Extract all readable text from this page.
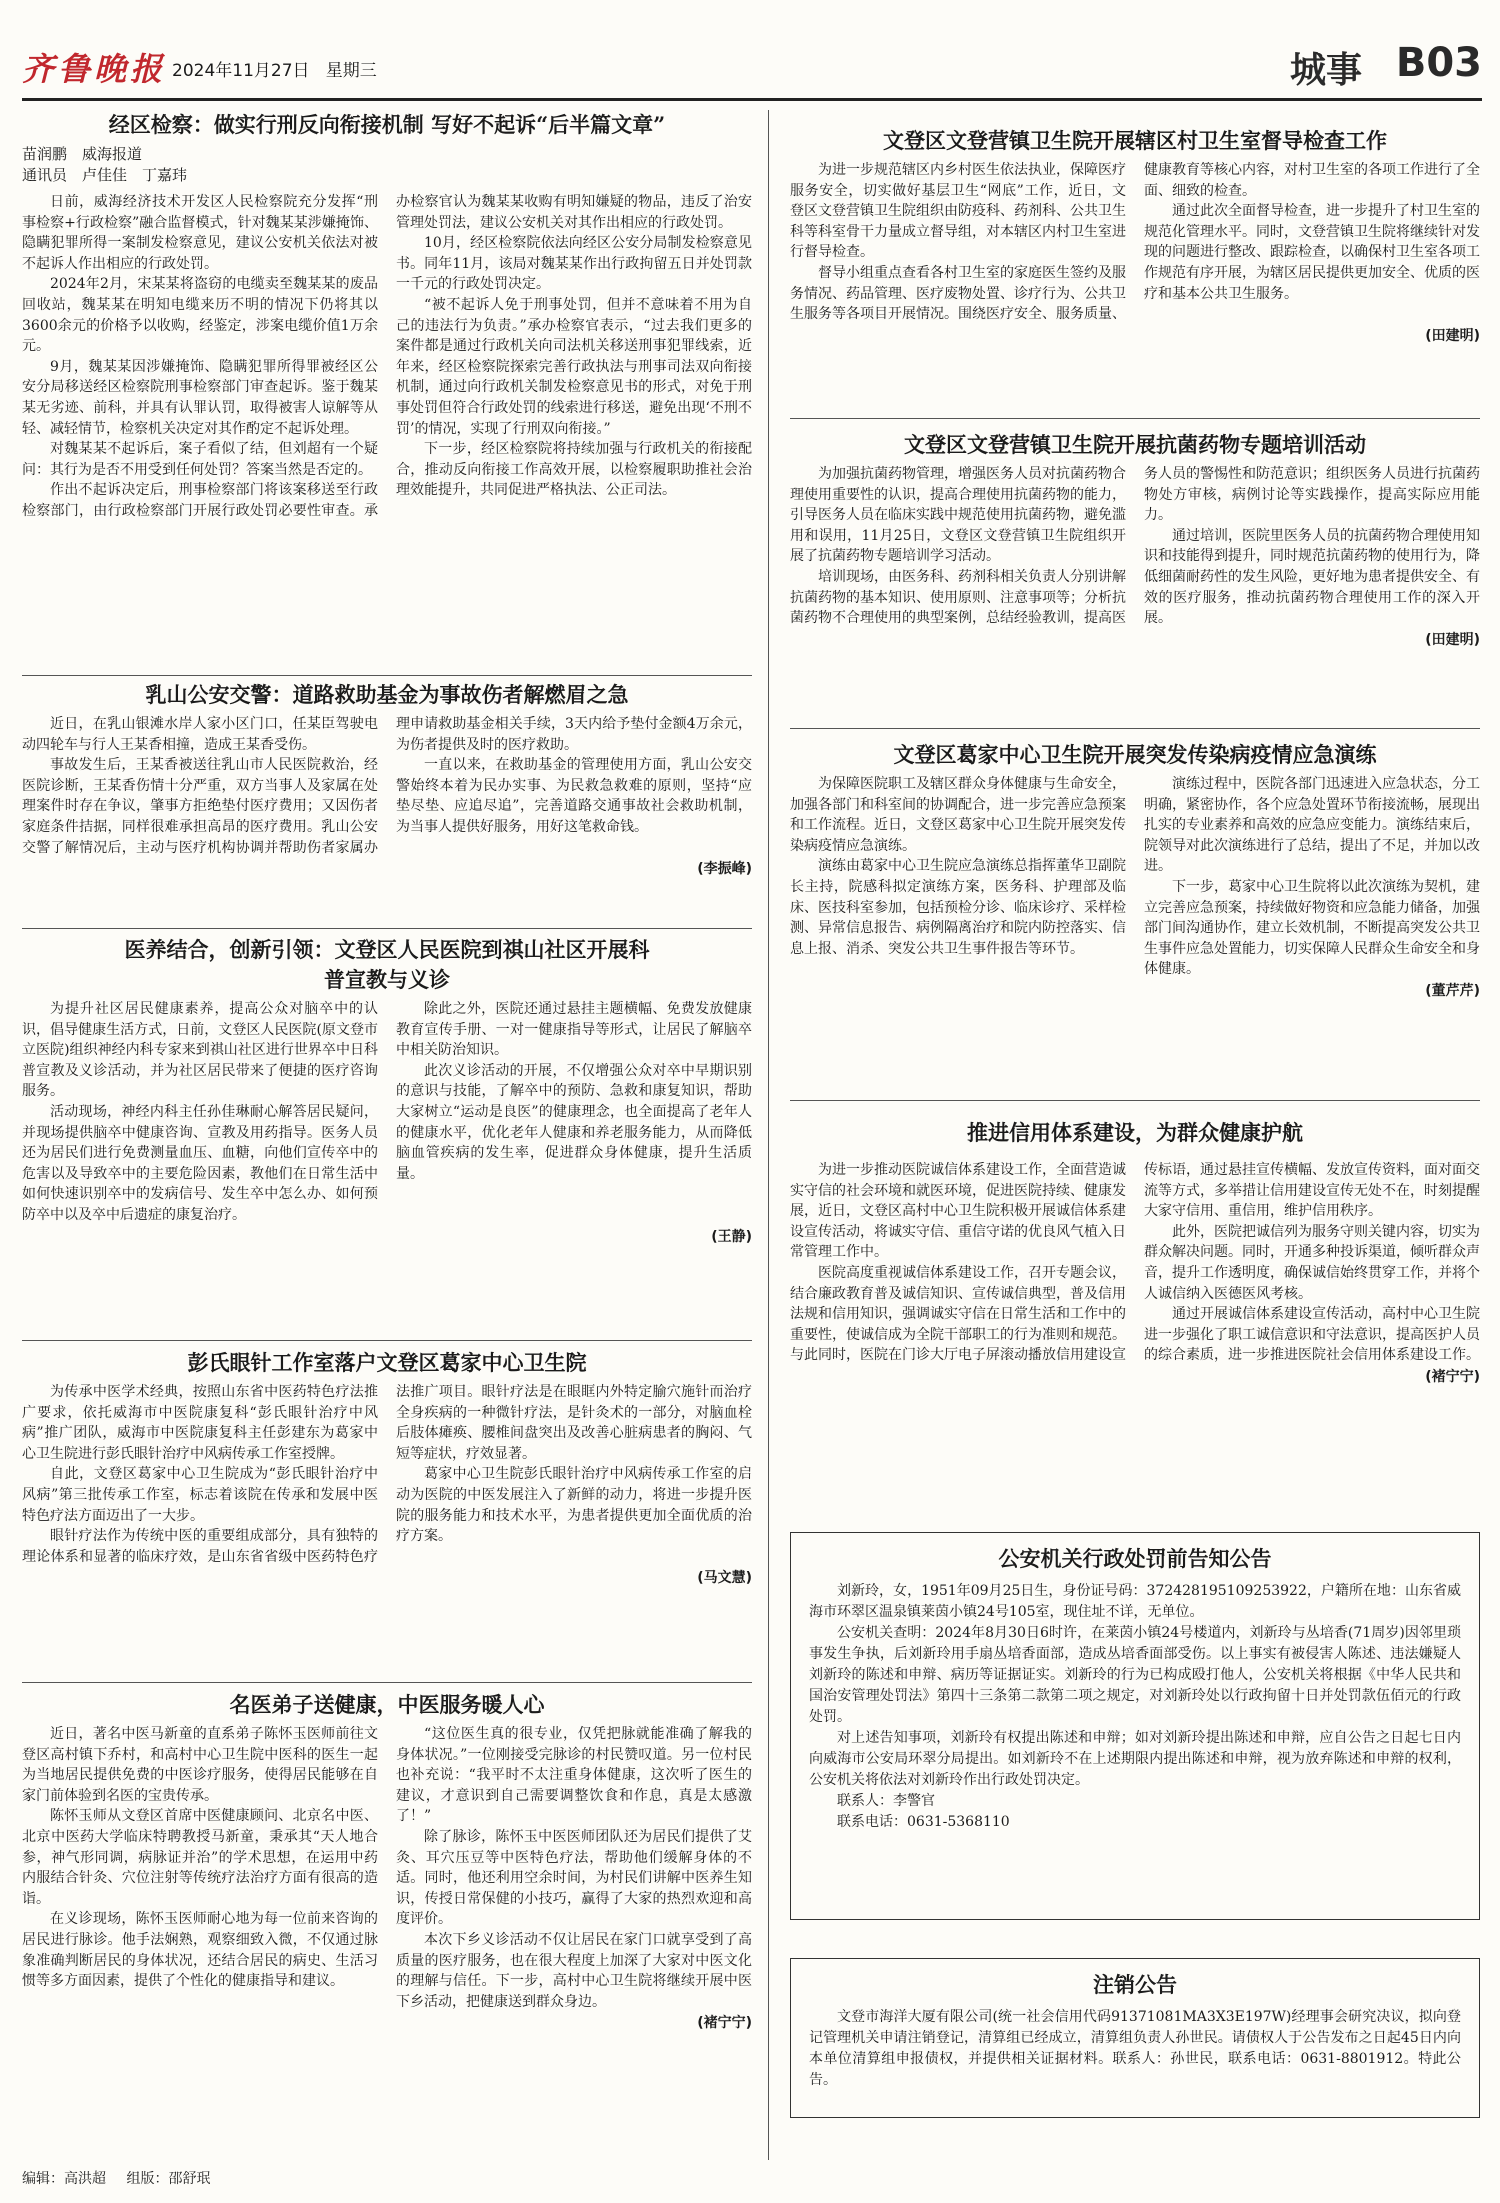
齐鲁晚报 2024年11月27日 星期三	城事 B03
经区检察：做实行刑反向衔接机制 写好不起诉“后半篇文章”
苗润鹏　威海报道
通讯员　卢佳佳　丁嘉玮

日前，威海经济技术开发区人民检察院充分发挥“刑事检察+行政检察”融合监督模式，针对魏某某涉嫌掩饰、隐瞒犯罪所得一案制发检察意见，建议公安机关依法对被不起诉人作出相应的行政处罚。

2024年2月，宋某某将盗窃的电缆卖至魏某某的废品回收站，魏某某在明知电缆来历不明的情况下仍将其以3600余元的价格予以收购，经鉴定，涉案电缆价值1万余元。

9月，魏某某因涉嫌掩饰、隐瞒犯罪所得罪被经区公安分局移送经区检察院刑事检察部门审查起诉。鉴于魏某某无劣迹、前科，并具有认罪认罚，取得被害人谅解等从轻、减轻情节，检察机关决定对其作酌定不起诉处理。

对魏某某不起诉后，案子看似了结，但刘超有一个疑问：其行为是否不用受到任何处罚？答案当然是否定的。

作出不起诉决定后，刑事检察部门将该案移送至行政检察部门，由行政检察部门开展行政处罚必要性审查。承办检察官认为魏某某收购有明知嫌疑的物品，违反了治安管理处罚法，建议公安机关对其作出相应的行政处罚。

10月，经区检察院依法向经区公安分局制发检察意见书。同年11月，该局对魏某某作出行政拘留五日并处罚款一千元的行政处罚决定。

“被不起诉人免于刑事处罚，但并不意味着不用为自己的违法行为负责。”承办检察官表示，“过去我们更多的案件都是通过行政机关向司法机关移送刑事犯罪线索，近年来，经区检察院探索完善行政执法与刑事司法双向衔接机制，通过向行政机关制发检察意见书的形式，对免于刑事处罚但符合行政处罚的线索进行移送，避免出现‘不刑不罚’的情况，实现了行刑双向衔接。”

下一步，经区检察院将持续加强与行政机关的衔接配合，推动反向衔接工作高效开展，以检察履职助推社会治理效能提升，共同促进严格执法、公正司法。

乳山公安交警：道路救助基金为事故伤者解燃眉之急

近日，在乳山银滩水岸人家小区门口，任某臣驾驶电动四轮车与行人王某香相撞，造成王某香受伤。

事故发生后，王某香被送往乳山市人民医院救治，经医院诊断，王某香伤情十分严重，双方当事人及家属在处理案件时存在争议，肇事方拒绝垫付医疗费用；又因伤者家庭条件拮据，同样很难承担高昂的医疗费用。乳山公安交警了解情况后，主动与医疗机构协调并帮助伤者家属办理申请救助基金相关手续，3天内给予垫付金额4万余元，为伤者提供及时的医疗救助。

一直以来，在救助基金的管理使用方面，乳山公安交警始终本着为民办实事、为民救急救难的原则，坚持“应垫尽垫、应追尽追”，完善道路交通事故社会救助机制，为当事人提供好服务，用好这笔救命钱。

(李振峰)
医养结合，创新引领：文登区人民医院到祺山社区开展科普宣教与义诊

为提升社区居民健康素养，提高公众对脑卒中的认识，倡导健康生活方式，日前，文登区人民医院(原文登市立医院)组织神经内科专家来到祺山社区进行世界卒中日科普宣教及义诊活动，并为社区居民带来了便捷的医疗咨询服务。

活动现场，神经内科主任孙佳琳耐心解答居民疑问，并现场提供脑卒中健康咨询、宣教及用药指导。医务人员还为居民们进行免费测量血压、血糖，向他们宣传卒中的危害以及导致卒中的主要危险因素，教他们在日常生活中如何快速识别卒中的发病信号、发生卒中怎么办、如何预防卒中以及卒中后遗症的康复治疗。

除此之外，医院还通过悬挂主题横幅、免费发放健康教育宣传手册、一对一健康指导等形式，让居民了解脑卒中相关防治知识。

此次义诊活动的开展，不仅增强公众对卒中早期识别的意识与技能，了解卒中的预防、急救和康复知识，帮助大家树立“运动是良医”的健康理念，也全面提高了老年人的健康水平，优化老年人健康和养老服务能力，从而降低脑血管疾病的发生率，促进群众身体健康，提升生活质量。

(王静)
彭氏眼针工作室落户文登区葛家中心卫生院

为传承中医学术经典，按照山东省中医药特色疗法推广要求，依托威海市中医院康复科“彭氏眼针治疗中风病”推广团队，威海市中医院康复科主任彭建东为葛家中心卫生院进行彭氏眼针治疗中风病传承工作室授牌。

自此，文登区葛家中心卫生院成为“彭氏眼针治疗中风病”第三批传承工作室，标志着该院在传承和发展中医特色疗法方面迈出了一大步。

眼针疗法作为传统中医的重要组成部分，具有独特的理论体系和显著的临床疗效，是山东省省级中医药特色疗法推广项目。眼针疗法是在眼眶内外特定腧穴施针而治疗全身疾病的一种微针疗法，是针灸术的一部分，对脑血栓后肢体瘫痪、腰椎间盘突出及改善心脏病患者的胸闷、气短等症状，疗效显著。

葛家中心卫生院彭氏眼针治疗中风病传承工作室的启动为医院的中医发展注入了新鲜的动力，将进一步提升医院的服务能力和技术水平，为患者提供更加全面优质的治疗方案。

(马文慧)
名医弟子送健康，中医服务暖人心

近日，著名中医马新童的直系弟子陈怀玉医师前往文登区高村镇下乔村，和高村中心卫生院中医科的医生一起为当地居民提供免费的中医诊疗服务，使得居民能够在自家门前体验到名医的宝贵传承。

陈怀玉师从文登区首席中医健康顾问、北京名中医、北京中医药大学临床特聘教授马新童，秉承其“天人地合参，神气形同调，病脉证并治”的学术思想，在运用中药内服结合针灸、穴位注射等传统疗法治疗方面有很高的造诣。

在义诊现场，陈怀玉医师耐心地为每一位前来咨询的居民进行脉诊。他手法娴熟，观察细致入微，不仅通过脉象准确判断居民的身体状况，还结合居民的病史、生活习惯等多方面因素，提供了个性化的健康指导和建议。

“这位医生真的很专业，仅凭把脉就能准确了解我的身体状况。”一位刚接受完脉诊的村民赞叹道。另一位村民也补充说：“我平时不太注重身体健康，这次听了医生的建议，才意识到自己需要调整饮食和作息，真是太感激了！”

除了脉诊，陈怀玉中医医师团队还为居民们提供了艾灸、耳穴压豆等中医特色疗法，帮助他们缓解身体的不适。同时，他还利用空余时间，为村民们讲解中医养生知识，传授日常保健的小技巧，赢得了大家的热烈欢迎和高度评价。

本次下乡义诊活动不仅让居民在家门口就享受到了高质量的医疗服务，也在很大程度上加深了大家对中医文化的理解与信任。下一步，高村中心卫生院将继续开展中医下乡活动，把健康送到群众身边。

(褚宁宁)
文登区文登营镇卫生院开展辖区村卫生室督导检查工作

为进一步规范辖区内乡村医生依法执业，保障医疗服务安全，切实做好基层卫生“网底”工作，近日，文登区文登营镇卫生院组织由防疫科、药剂科、公共卫生科等科室骨干力量成立督导组，对本辖区内村卫生室进行督导检查。

督导小组重点查看各村卫生室的家庭医生签约及服务情况、药品管理、医疗废物处置、诊疗行为、公共卫生服务等各项目开展情况。围绕医疗安全、服务质量、健康教育等核心内容，对村卫生室的各项工作进行了全面、细致的检查。

通过此次全面督导检查，进一步提升了村卫生室的规范化管理水平。同时，文登营镇卫生院将继续针对发现的问题进行整改、跟踪检查，以确保村卫生室各项工作规范有序开展，为辖区居民提供更加安全、优质的医疗和基本公共卫生服务。

(田建明)
文登区文登营镇卫生院开展抗菌药物专题培训活动

为加强抗菌药物管理，增强医务人员对抗菌药物合理使用重要性的认识，提高合理使用抗菌药物的能力，引导医务人员在临床实践中规范使用抗菌药物，避免滥用和误用，11月25日，文登区文登营镇卫生院组织开展了抗菌药物专题培训学习活动。

培训现场，由医务科、药剂科相关负责人分别讲解抗菌药物的基本知识、使用原则、注意事项等；分析抗菌药物不合理使用的典型案例，总结经验教训，提高医务人员的警惕性和防范意识；组织医务人员进行抗菌药物处方审核，病例讨论等实践操作，提高实际应用能力。

通过培训，医院里医务人员的抗菌药物合理使用知识和技能得到提升，同时规范抗菌药物的使用行为，降低细菌耐药性的发生风险，更好地为患者提供安全、有效的医疗服务，推动抗菌药物合理使用工作的深入开展。

(田建明)
文登区葛家中心卫生院开展突发传染病疫情应急演练

为保障医院职工及辖区群众身体健康与生命安全，加强各部门和科室间的协调配合，进一步完善应急预案和工作流程。近日，文登区葛家中心卫生院开展突发传染病疫情应急演练。

演练由葛家中心卫生院应急演练总指挥董华卫副院长主持，院感科拟定演练方案，医务科、护理部及临床、医技科室参加，包括预检分诊、临床诊疗、采样检测、异常信息报告、病例隔离治疗和院内防控落实、信息上报、消杀、突发公共卫生事件报告等环节。

演练过程中，医院各部门迅速进入应急状态，分工明确，紧密协作，各个应急处置环节衔接流畅，展现出扎实的专业素养和高效的应急应变能力。演练结束后，院领导对此次演练进行了总结，提出了不足，并加以改进。

下一步，葛家中心卫生院将以此次演练为契机，建立完善应急预案，持续做好物资和应急能力储备，加强部门间沟通协作，建立长效机制，不断提高突发公共卫生事件应急处置能力，切实保障人民群众生命安全和身体健康。

(董芹芹)
推进信用体系建设，为群众健康护航

为进一步推动医院诚信体系建设工作，全面营造诚实守信的社会环境和就医环境，促进医院持续、健康发展，近日，文登区高村中心卫生院积极开展诚信体系建设宣传活动，将诚实守信、重信守诺的优良风气植入日常管理工作中。

医院高度重视诚信体系建设工作，召开专题会议，结合廉政教育普及诚信知识、宣传诚信典型，普及信用法规和信用知识，强调诚实守信在日常生活和工作中的重要性，使诚信成为全院干部职工的行为准则和规范。与此同时，医院在门诊大厅电子屏滚动播放信用建设宣传标语，通过悬挂宣传横幅、发放宣传资料，面对面交流等方式，多举措让信用建设宣传无处不在，时刻提醒大家守信用、重信用，维护信用秩序。

此外，医院把诚信列为服务守则关键内容，切实为群众解决问题。同时，开通多种投诉渠道，倾听群众声音，提升工作透明度，确保诚信始终贯穿工作，并将个人诚信纳入医德医风考核。

通过开展诚信体系建设宣传活动，高村中心卫生院进一步强化了职工诚信意识和守法意识，提高医护人员的综合素质，进一步推进医院社会信用体系建设工作。

(褚宁宁)
公安机关行政处罚前告知公告

刘新玲，女，1951年09月25日生，身份证号码：372428195109253922，户籍所在地：山东省威海市环翠区温泉镇莱茵小镇24号105室，现住址不详，无单位。

公安机关查明：2024年8月30日6时许，在莱茵小镇24号楼道内，刘新玲与丛培香(71周岁)因邻里琐事发生争执，后刘新玲用手扇丛培香面部，造成丛培香面部受伤。以上事实有被侵害人陈述、违法嫌疑人刘新玲的陈述和申辩、病历等证据证实。刘新玲的行为已构成殴打他人，公安机关将根据《中华人民共和国治安管理处罚法》第四十三条第二款第二项之规定，对刘新玲处以行政拘留十日并处罚款伍佰元的行政处罚。

对上述告知事项，刘新玲有权提出陈述和申辩；如对刘新玲提出陈述和申辩，应自公告之日起七日内向威海市公安局环翠分局提出。如刘新玲不在上述期限内提出陈述和申辩，视为放弃陈述和申辩的权利，公安机关将依法对刘新玲作出行政处罚决定。

联系人：李警官

联系电话：0631-5368110

注销公告

文登市海洋大厦有限公司(统一社会信用代码91371081MA3X3E197W)经理事会研究决议，拟向登记管理机关申请注销登记，清算组已经成立，清算组负责人孙世民。请债权人于公告发布之日起45日内向本单位清算组申报债权，并提供相关证据材料。联系人：孙世民，联系电话：0631-8801912。特此公告。

编辑：高洪超 组版：邵舒珉
